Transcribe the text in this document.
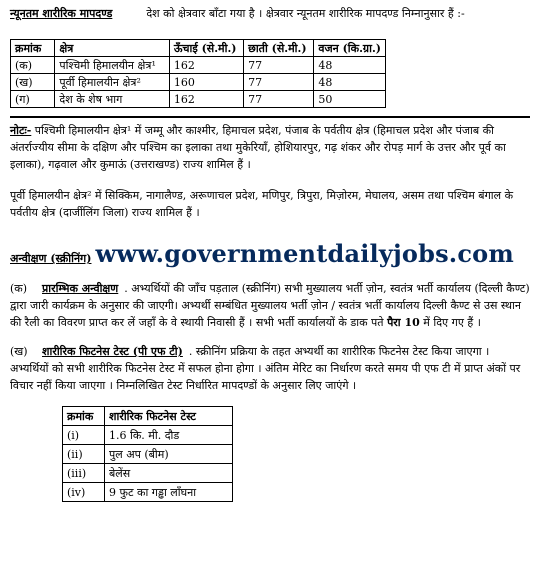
न्यूनतम शारीरिक मापदण्ड	देश को क्षेत्रवार बाँटा गया है । क्षेत्रवार न्यूनतम शारीरिक मापदण्ड निम्नानुसार हैं :-
क्रमांक	क्षेत्र	ऊँचाई (से.मी.)	छाती (से.मी.)	वजन (कि.ग्रा.)
(क)	पश्चिमी हिमालयीन क्षेत्र¹	162	77	48
(ख)	पूर्वी हिमालयीन क्षेत्र²	160	77	48
(ग)	देश के शेष भाग	162	77	50

नोटः- पश्चिमी हिमालयीन क्षेत्र¹ में जम्मू और काश्मीर, हिमाचल प्रदेश, पंजाब के पर्वतीय क्षेत्र (हिमाचल प्रदेश और पंजाब की अंतर्राज्यीय सीमा के दक्षिण और पश्चिम का इलाका तथा मुकेरियाँ, होशियारपुर, गढ़ शंकर और रोपड़ मार्ग के उत्तर और पूर्व का इलाका), गढ़वाल और कुमाऊं (उत्तराखण्ड) राज्य शामिल हैं ।

पूर्वी हिमालयीन क्षेत्र² में सिक्किम, नागालैण्ड, अरूणाचल प्रदेश, मणिपुर, त्रिपुरा, मिज़ोरम, मेघालय, असम तथा पश्चिम बंगाल के पर्वतीय क्षेत्र (दार्जीलिंग जिला) राज्य शामिल हैं ।

अन्वीक्षण (स्क्रीनिंग) www.governmentdailyjobs.com

(क) प्रारम्भिक अन्वीक्षण . अभ्यर्थियों की जाँच पड़ताल (स्क्रीनिंग) सभी मुख्यालय भर्ती ज़ोन, स्वतंत्र भर्ती कार्यालय (दिल्ली कैण्ट) द्वारा जारी कार्यक्रम के अनुसार की जाएगी। अभ्यर्थी सम्बंधित मुख्यालय भर्ती ज़ोन / स्वतंत्र भर्ती कार्यालय दिल्ली कैण्ट से उस स्थान की रैली का विवरण प्राप्त कर लें जहाँ के वे स्थायी निवासी हैं । सभी भर्ती कार्यालयों के डाक पते पैरा 10 में दिए गए हैं ।

(ख) शारीरिक फिटनेस टेस्ट (पी एफ टी) . स्क्रीनिंग प्रक्रिया के तहत अभ्यर्थी का शारीरिक फिटनेस टेस्ट किया जाएगा । अभ्यर्थियों को सभी शारीरिक फिटनेस टेस्ट में सफल होना होगा । अंतिम मेरिट का निर्धारण करते समय पी एफ टी में प्राप्त अंकों पर विचार नहीं किया जाएगा । निम्नलिखित टेस्ट निर्धारित मापदण्डों के अनुसार लिए जाएंगे ।

क्रमांक	शारीरिक फिटनेस टेस्ट
(i)	1.6 कि. मी. दौड
(ii)	पुल अप (बीम)
(iii)	बेलेंस
(iv)	9 फुट का गड्ढा लाँघना
